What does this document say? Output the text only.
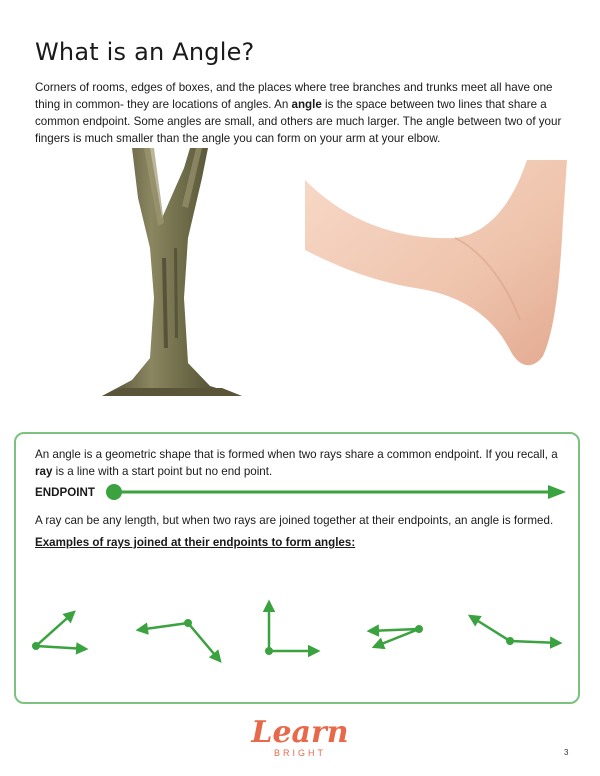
What is an Angle?

Corners of rooms, edges of boxes, and the places where tree branches and trunks meet all have one thing in common- they are locations of angles. An angle is the space between two lines that share a common endpoint. Some angles are small, and others are much larger. The angle between two of your fingers is much smaller than the angle you can form on your arm at your elbow.

An angle is a geometric shape that is formed when two rays share a common endpoint. If you recall, a ray is a line with a start point but no end point.

ENDPOINT

A ray can be any length, but when two rays are joined together at their endpoints, an angle is formed.

Examples of rays joined at their endpoints to form angles:

Learn
BRIGHT	3
